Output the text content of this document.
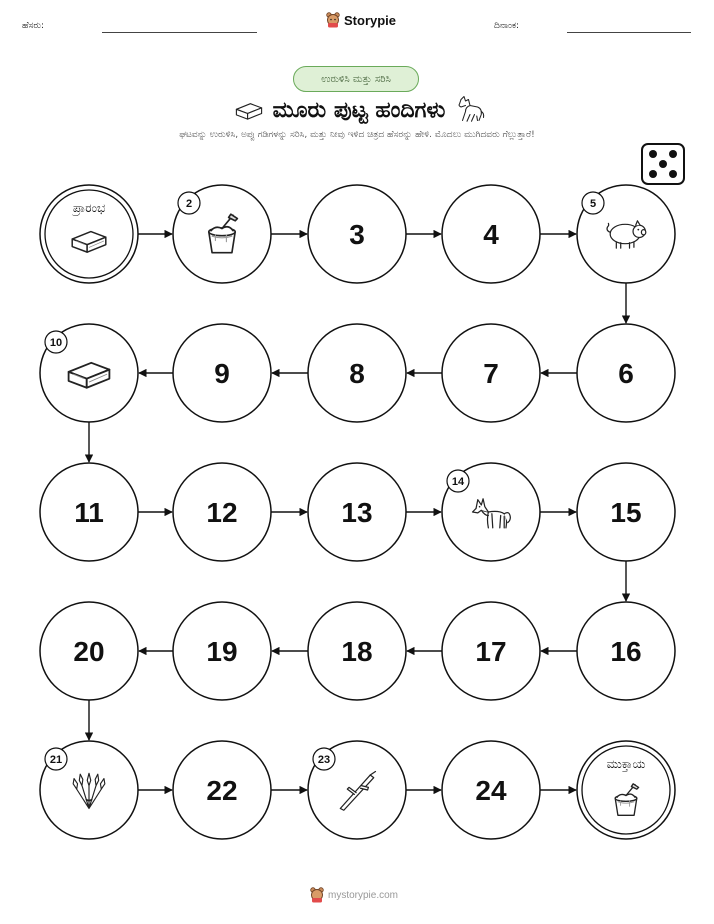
ಹೆಸರು:	Storypie	ದಿನಾಂಕ:
ಉರುಳಿಸಿ ಮತ್ತು ಸರಿಸಿ
ಮೂರು ಪುಟ್ಟ ಹಂದಿಗಳು
ಘಟವನ್ನು ಉರುಳಿಸಿ, ಅಪ್ಪು ಗಡಿಗಳನ್ನು ಸರಿಸಿ, ಮತ್ತು ನೀವು ಇಳಿದ ಚಿತ್ರದ ಹೆಸರನ್ನು ಹೇಳಿ. ಮೊದಲು ಮುಗಿದವರು ಗೆಲ್ಲುತ್ತಾರೆ!
ಪ್ರಾರಂಭ	2
3	4
5
6
7
8
9
10
11	12	13
14
15
16
17
18
19
20
21
22
23
24
ಮುಕ್ತಾಯ
mystorypie.com
